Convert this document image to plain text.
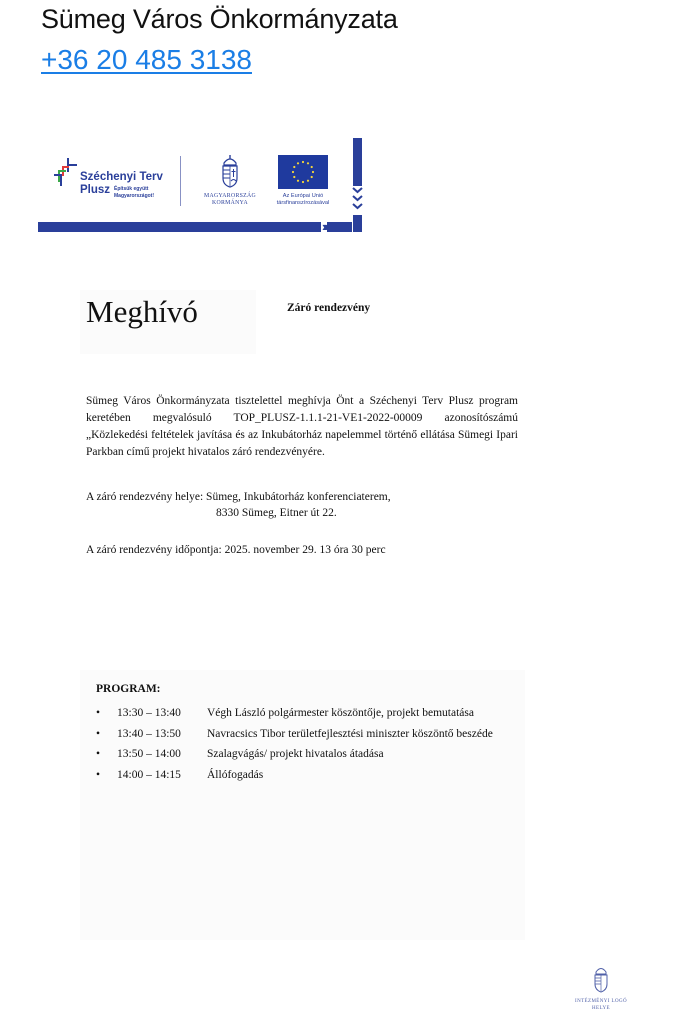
Sümeg Város Önkormányzata
+36 20 485 3138
Széchenyi Terv
Plusz Építsük együtt
Magyarországot!	MAGYARORSZÁG
KORMÁNYA
Az Európai Unió
társfinanszírozásával
›››
Meghívó	Záró rendezvény
Sümeg Város Önkormányzata tisztelettel meghívja Önt a Széchenyi Terv Plusz program keretében megvalósuló TOP_PLUSZ-1.1.1-21-VE1-2022-00009 azonosítószámú „Közlekedési feltételek javítása és az Inkubátorház napelemmel történő ellátása Sümegi Ipari Parkban című projekt hivatalos záró rendezvényére.
A záró rendezvény helye: Sümeg, Inkubátorház konferenciaterem,
8330 Sümeg, Eitner út 22.
A záró rendezvény időpontja: 2025. november 29. 13 óra 30 perc
PROGRAM:
• 13:30 – 13:40 Végh László polgármester köszöntője, projekt bemutatása
• 13:40 – 13:50 Navracsics Tibor területfejlesztési miniszter köszöntő beszéde
• 13:50 – 14:00 Szalagvágás/ projekt hivatalos átadása
• 14:00 – 14:15 Állófogadás
INTÉZMÉNYI LOGÓ
HELYE
